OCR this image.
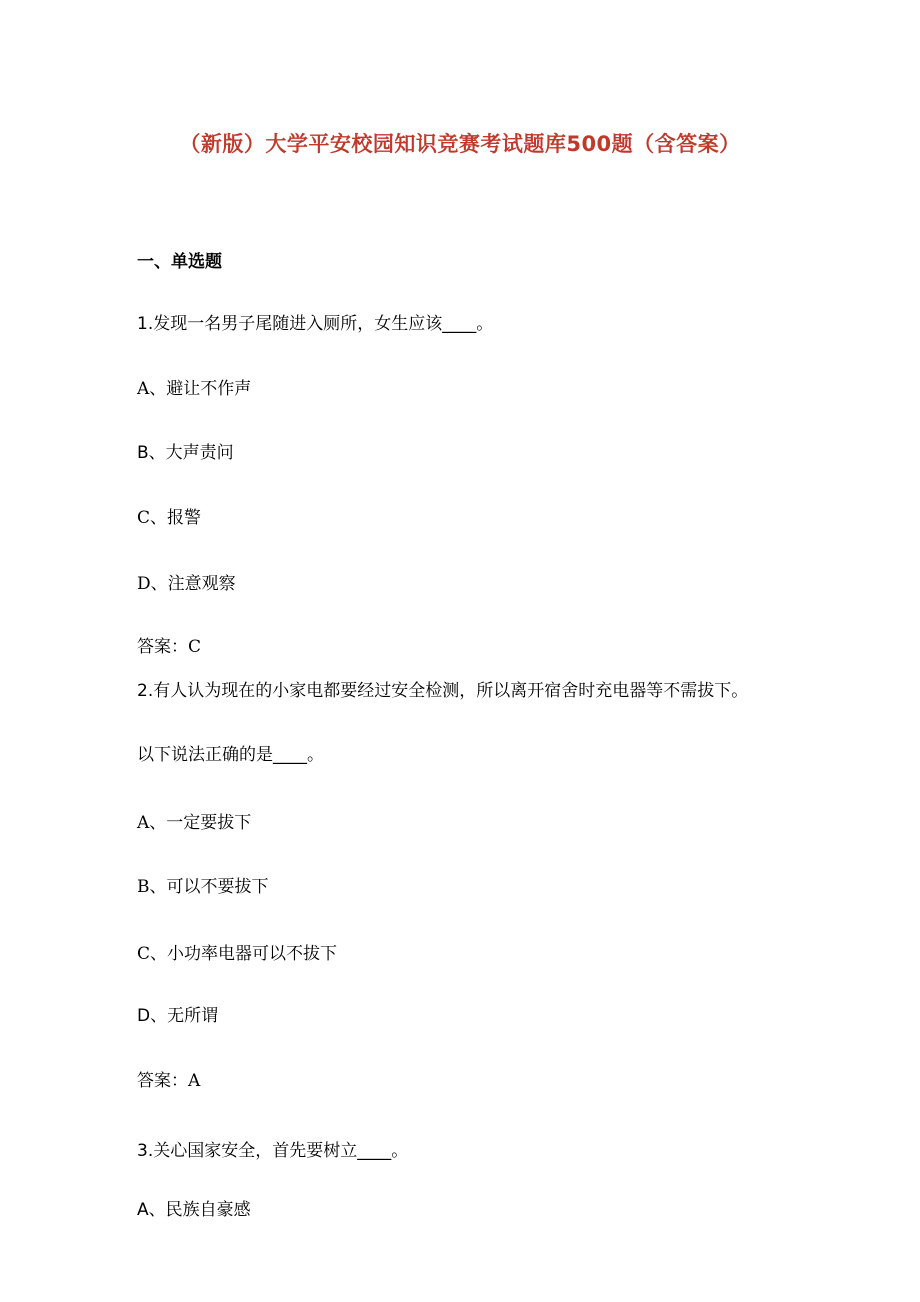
（新版）大学平安校园知识竞赛考试题库500题（含答案）
一、单选题
1.发现一名男子尾随进入厕所，女生应该____。
A、避让不作声
B、大声责问
C、报警
D、注意观察
答案：C
2.有人认为现在的小家电都要经过安全检测，所以离开宿舍时充电器等不需拔下。
以下说法正确的是____。
A、一定要拔下
B、可以不要拔下
C、小功率电器可以不拔下
D、无所谓
答案：A
3.关心国家安全，首先要树立____。
A、民族自豪感
